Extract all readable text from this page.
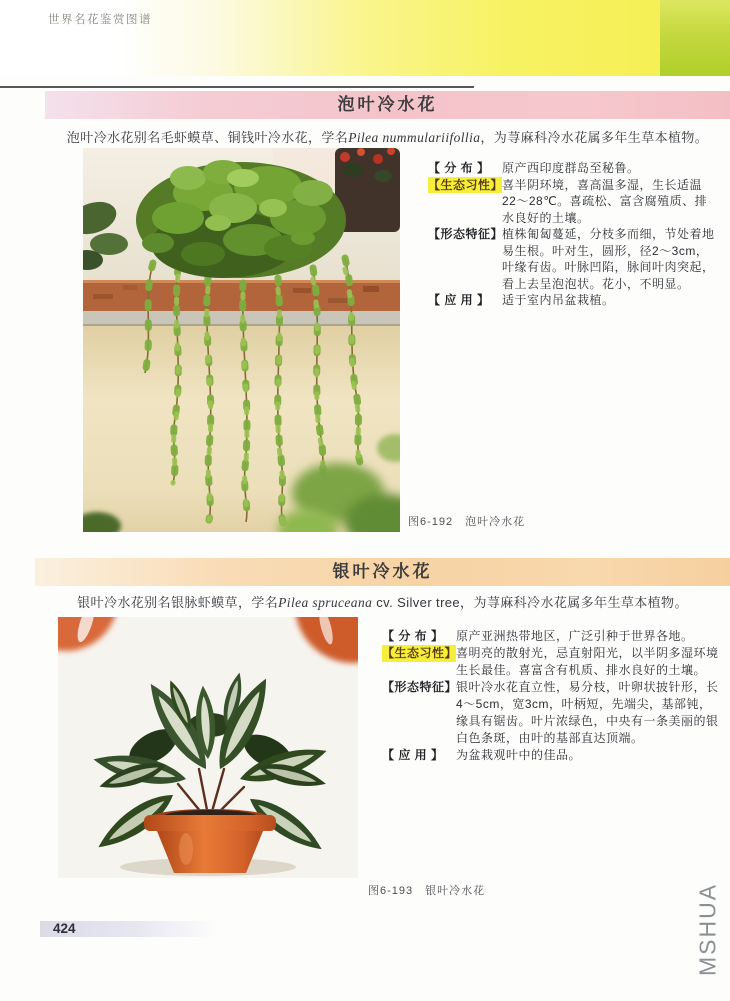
世界名花鉴赏图谱
泡叶冷水花
泡叶冷水花别名毛虾蟆草、铜钱叶冷水花，学名Pilea nummulariifollia，为荨麻科冷水花属多年生草本植物。
图6-192　泡叶冷水花
【 分 布 】	原产西印度群岛至秘鲁。
【生态习性】
喜半阴环境，喜高温多湿，生长适温22～28℃。喜疏松、富含腐殖质、排水良好的土壤。
【形态特征】
植株匍匐蔓延，分枝多而细，节处着地易生根。叶对生，圆形，径2～3cm，叶缘有齿。叶脉凹陷，脉间叶肉突起，看上去呈泡泡状。花小，不明显。
【 应 用 】	适于室内吊盆栽植。
银叶冷水花
银叶冷水花别名银脉虾蟆草，学名Pilea spruceana cv. Silver tree，为荨麻科冷水花属多年生草本植物。
图6-193　银叶冷水花
【 分 布 】	原产亚洲热带地区，广泛引种于世界各地。
【生态习性】
喜明亮的散射光，忌直射阳光，以半阴多湿环境生长最佳。喜富含有机质、排水良好的土壤。
【形态特征】
银叶冷水花直立性，易分枝，叶卵状披针形，长4～5cm，宽3cm，叶柄短，先端尖，基部钝，缘具有锯齿。叶片浓绿色，中央有一条美丽的银白色条斑，由叶的基部直达顶端。
【 应 用 】	为盆栽观叶中的佳品。
424	MSHUA
